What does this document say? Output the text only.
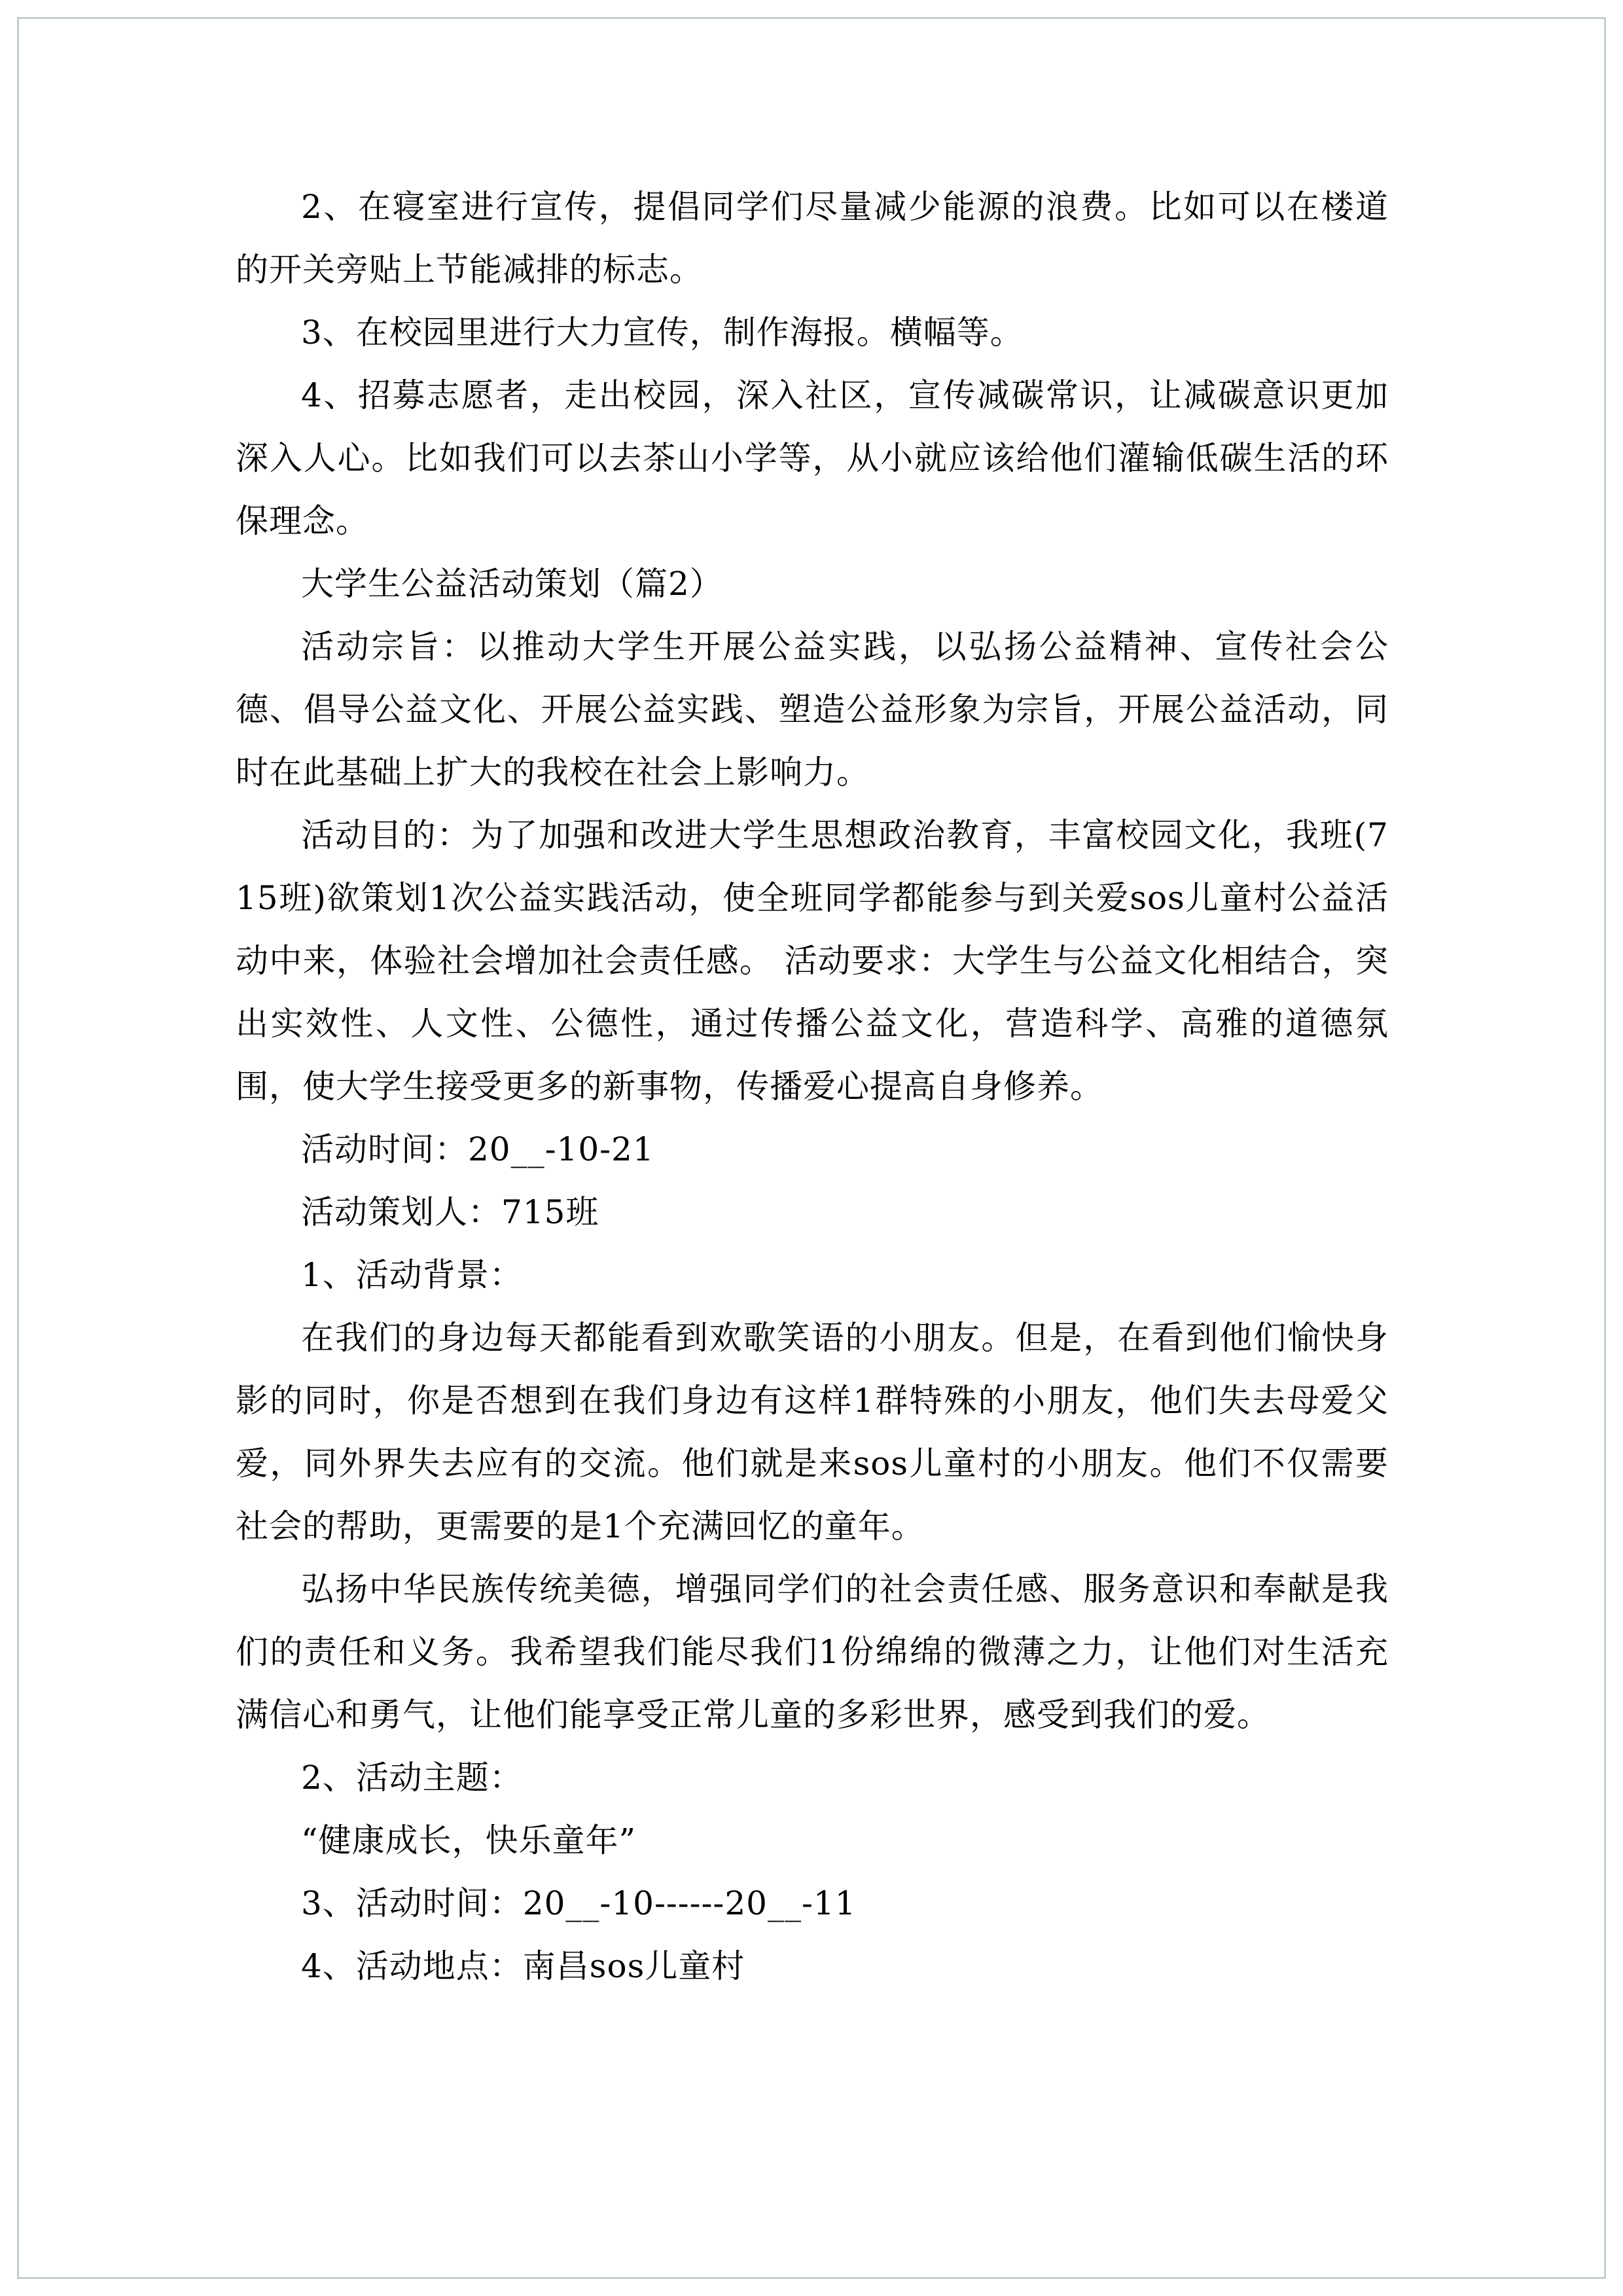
2、在寝室进行宣传，提倡同学们尽量减少能源的浪费。比如可以在楼道的开关旁贴上节能减排的标志。

3、在校园里进行大力宣传，制作海报。横幅等。

4、招募志愿者，走出校园，深入社区，宣传减碳常识，让减碳意识更加深入人心。比如我们可以去茶山小学等，从小就应该给他们灌输低碳生活的环保理念。

大学生公益活动策划（篇2）

活动宗旨：以推动大学生开展公益实践，以弘扬公益精神、宣传社会公德、倡导公益文化、开展公益实践、塑造公益形象为宗旨，开展公益活动，同时在此基础上扩大的我校在社会上影响力。

活动目的：为了加强和改进大学生思想政治教育，丰富校园文化，我班(715班)欲策划1次公益实践活动，使全班同学都能参与到关爱sos儿童村公益活动中来，体验社会增加社会责任感。 活动要求：大学生与公益文化相结合，突出实效性、人文性、公德性，通过传播公益文化，营造科学、高雅的道德氛围，使大学生接受更多的新事物，传播爱心提高自身修养。

活动时间：20__-10-21

活动策划人：715班

1、活动背景：

在我们的身边每天都能看到欢歌笑语的小朋友。但是，在看到他们愉快身影的同时，你是否想到在我们身边有这样1群特殊的小朋友，他们失去母爱父爱，同外界失去应有的交流。他们就是来sos儿童村的小朋友。他们不仅需要社会的帮助，更需要的是1个充满回忆的童年。

弘扬中华民族传统美德，增强同学们的社会责任感、服务意识和奉献是我们的责任和义务。我希望我们能尽我们1份绵绵的微薄之力，让他们对生活充满信心和勇气，让他们能享受正常儿童的多彩世界，感受到我们的爱。

2、活动主题：

“健康成长，快乐童年”

3、活动时间：20__-10------20__-11

4、活动地点：南昌sos儿童村
